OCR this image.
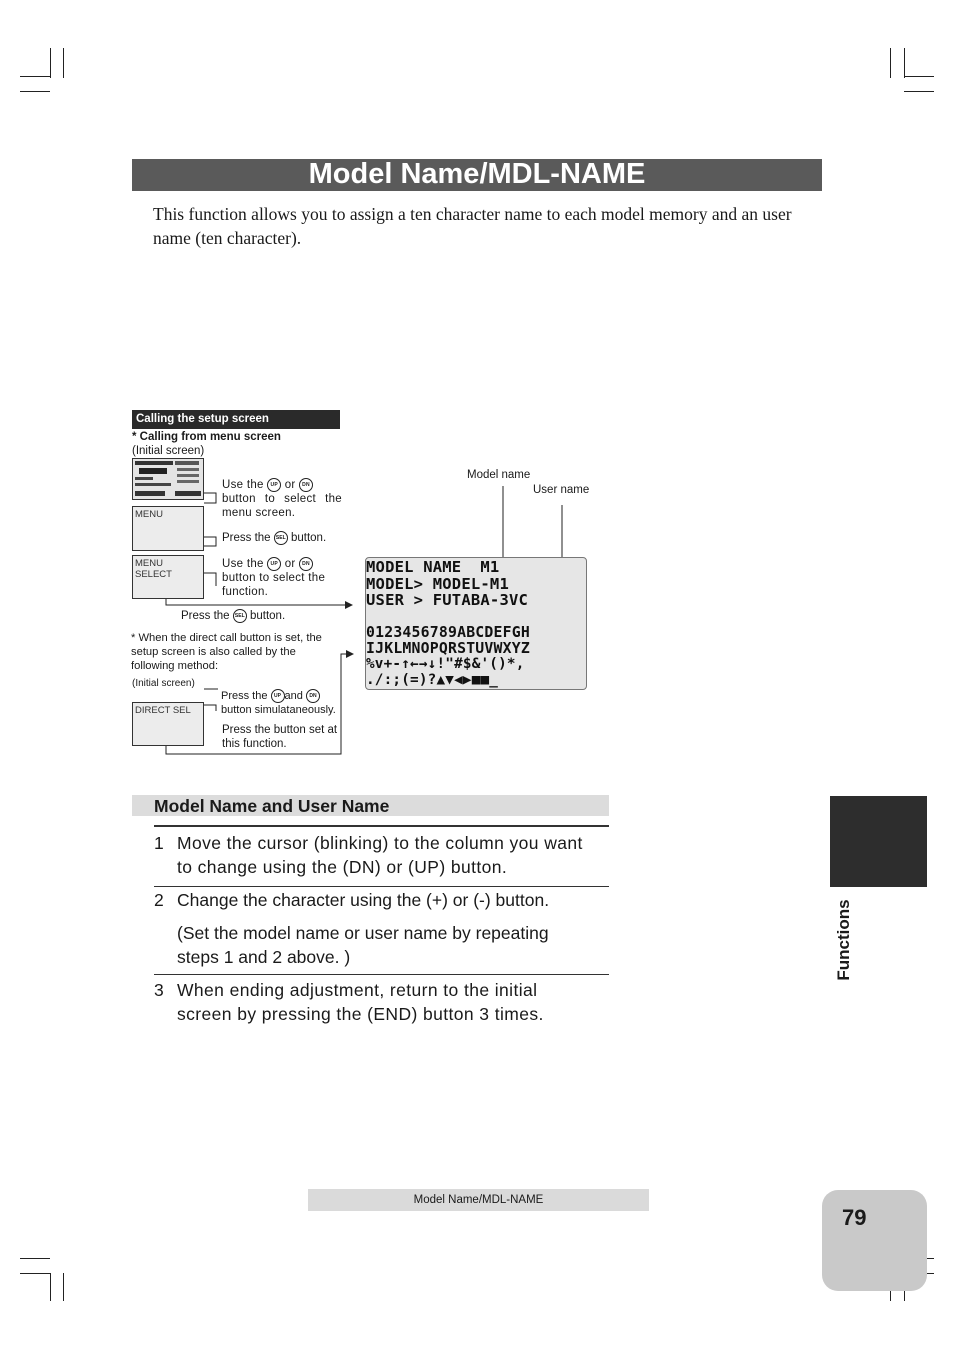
Model Name/MDL-NAME
This function allows you to assign a ten character name to each model memory and an user name (ten character).
Calling the setup screen
* Calling from menu screen
(Initial screen)
Use the UP or DN
button to select the menu screen.
MENU
Press the SEL button.
MENU SELECT
Use the UP or DN
button to select the function.
Press the SEL button.
* When the direct call button is set, the setup screen is also called by the following method:
(Initial screen)
Press the UP and DN
button simulataneously.
DIRECT SEL
Press the button set at this function.
Model name
User name
MODEL NAME  M1
MODEL> MODEL-M1
USER > FUTABA-3VC
0123456789ABCDEFGH
IJKLMNOPQRSTUVWXYZ
%v+-↑←→↓!"#$&'()*,
./:;(=)?▲▼◀▶■■_
Model Name and User Name
1 Move the cursor (blinking) to the column you want to change using the (DN) or (UP) button.
2 Change the character using the (+) or (-) button.
(Set the model name or user name by repeating steps 1 and 2 above. )
3 When ending adjustment, return to the initial screen by pressing the (END) button 3 times.
Functions
Model Name/MDL-NAME
79
